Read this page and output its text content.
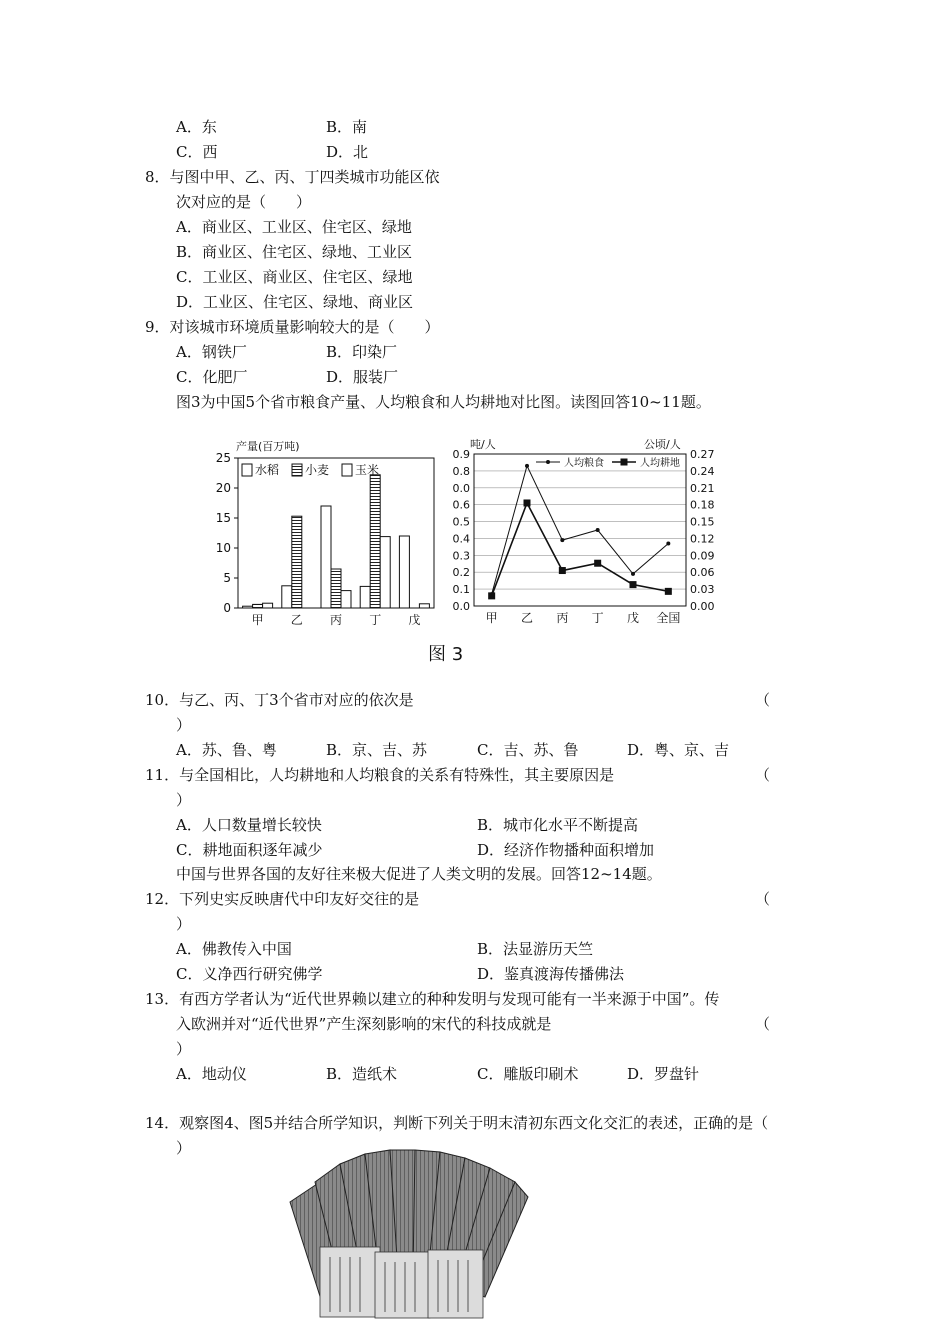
A．东	B．南
C．西	D．北
8．与图中甲、乙、丙、丁四类城市功能区依
次对应的是（　　）
A．商业区、工业区、住宅区、绿地
B．商业区、住宅区、绿地、工业区
C．工业区、商业区、住宅区、绿地
D．工业区、住宅区、绿地、商业区
9．对该城市环境质量影响较大的是（　　）
A．钢铁厂	B．印染厂
C．化肥厂	D．服装厂
图3为中国5个省市粮食产量、人均粮食和人均耕地对比图。读图回答10~11题。
产量(百万吨)
0
5
10
15
20
25
甲 乙 丙 丁 戊
水稻 小麦 玉米
吨/人	公顷/人
0.0	0.00
0.1	0.03
0.2	0.06
0.3	0.09
0.4	0.12
0.5	0.15
0.6	0.18
0.0	0.21
0.8	0.24
0.9	0.27
甲 乙 丙 丁 戊 全国
人均粮食	人均耕地
图 3
10．与乙、丙、丁3个省市对应的依次是	（
）
A．苏、鲁、粤	B．京、吉、苏	C．吉、苏、鲁	D．粤、京、吉
11．与全国相比，人均耕地和人均粮食的关系有特殊性，其主要原因是	（
）
A．人口数量增长较快	B．城市化水平不断提高
C．耕地面积逐年减少	D．经济作物播种面积增加
中国与世界各国的友好往来极大促进了人类文明的发展。回答12~14题。
12．下列史实反映唐代中印友好交往的是	（
）
A．佛教传入中国	B．法显游历天竺
C．义净西行研究佛学	D．鉴真渡海传播佛法
13．有西方学者认为“近代世界赖以建立的种种发明与发现可能有一半来源于中国”。传
入欧洲并对“近代世界”产生深刻影响的宋代的科技成就是	（
）
A．地动仪	B．造纸术	C．雕版印刷术	D．罗盘针
14．观察图4、图5并结合所学知识，判断下列关于明末清初东西文化交汇的表述，正确的是（
）
